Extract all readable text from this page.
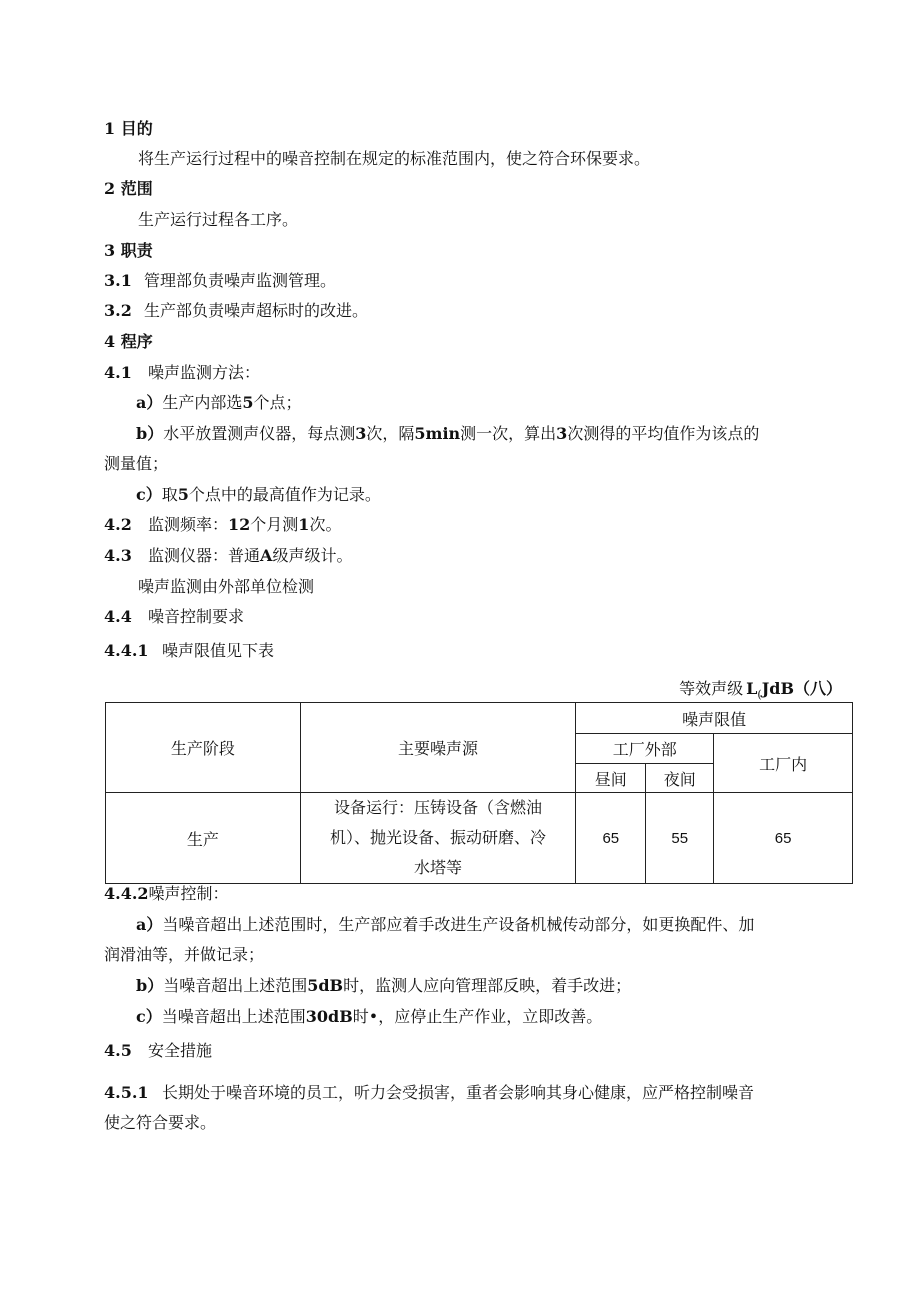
1 目的
将生产运行过程中的噪音控制在规定的标准范围内，使之符合环保要求。
2 范围
生产运行过程各工序。
3 职责
3.1 管理部负责噪声监测管理。
3.2 生产部负责噪声超标时的改进。
4 程序
4.1 噪声监测方法：
a）生产内部选5个点；
b）水平放置测声仪器，每点测3次，隔5min测一次，算出3次测得的平均值作为该点的
测量值；
c）取5个点中的最高值作为记录。
4.2 监测频率：12个月测1次。
4.3 监测仪器：普通A级声级计。
噪声监测由外部单位检测
4.4 噪音控制要求
4.4.1 噪声限值见下表
等效声级 $L_(JdB$（八）
生产阶段	主要噪声源	噪声限值		
		工厂外部		工厂内
		昼间	夜间	
生产	设备运行：压铸设备（含燃油
机）、抛光设备、振动研磨、冷
水塔等	65	55	65
4.4.2噪声控制：
a）当噪音超出上述范围时，生产部应着手改进生产设备机械传动部分，如更换配件、加
润滑油等，并做记录；
b）当噪音超出上述范围5dB时，监测人应向管理部反映，着手改进；
c）当噪音超出上述范围30dB时•，应停止生产作业，立即改善。
4.5 安全措施
4.5.1 长期处于噪音环境的员工，听力会受损害，重者会影响其身心健康，应严格控制噪音
使之符合要求。
